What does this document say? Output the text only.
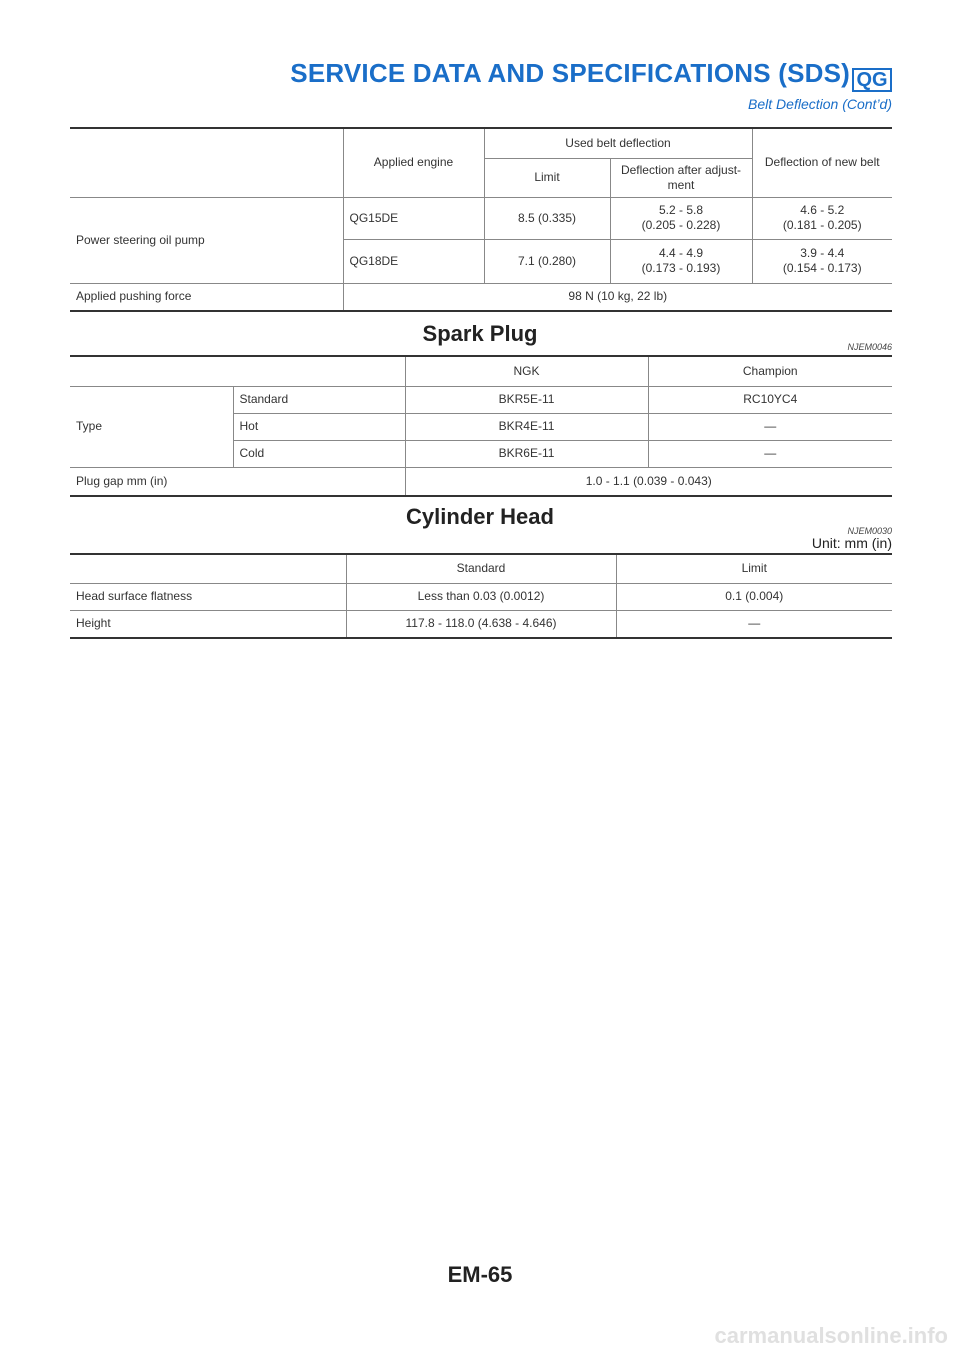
SERVICE DATA AND SPECIFICATIONS (SDS) QG
Belt Deflection (Cont’d)
	Applied engine	Used belt deflection		Deflection of new belt
		Limit	Deflection after adjust-
ment	
Power steering oil pump	QG15DE	8.5 (0.335)	5.2 - 5.8
(0.205 - 0.228)	4.6 - 5.2
(0.181 - 0.205)
	QG18DE	7.1 (0.280)	4.4 - 4.9
(0.173 - 0.193)	3.9 - 4.4
(0.154 - 0.173)
Applied pushing force	98 N (10 kg, 22 lb)			
Spark Plug
NJEM0046
		NGK	Champion
Type	Standard	BKR5E-11	RC10YC4
	Hot	BKR4E-11	—
	Cold	BKR6E-11	—
Plug gap mm (in)		1.0 - 1.1 (0.039 - 0.043)	
Cylinder Head
NJEM0030
Unit: mm (in)
	Standard	Limit
Head surface flatness	Less than 0.03 (0.0012)	0.1 (0.004)
Height	117.8 - 118.0 (4.638 - 4.646)	—
EM-65
carmanualsonline.info
